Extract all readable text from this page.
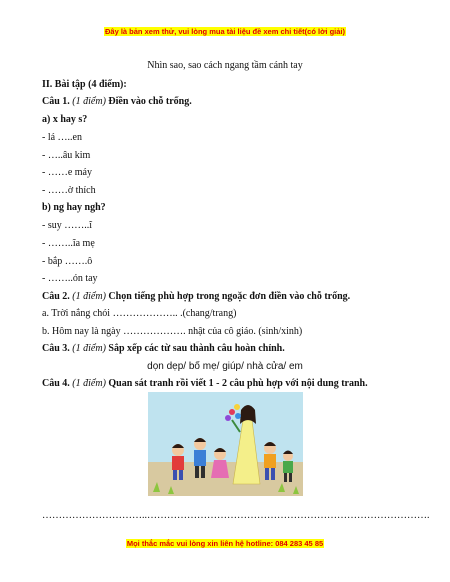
Đây là bản xem thử, vui lòng mua tài liệu đề xem chi tiết(có lời giải)
Nhìn sao, sao cách ngang tầm cánh tay
II. Bài tập (4 điểm):
Câu 1. (1 điểm) Điền vào chỗ trống.
a) x hay s?
- lá …..en
- …..âu kim
- ……e máy
- ……ờ thích
b) ng hay ngh?
- suy ……..ĩ
- ……..ĩa mẹ
- bắp …….ô
- ……..ón tay
Câu 2. (1 điểm) Chọn tiếng phù hợp trong ngoặc đơn điền vào chỗ trống.
a. Trời nắng chói ……………….. .(chang/trang)
b. Hôm nay là ngày ………………. nhật của cô giáo. (sinh/xinh)
Câu 3. (1 điểm) Sắp xếp các từ sau thành câu hoàn chỉnh.
dọn dẹp/ bố mẹ/ giúp/ nhà cửa/ em
Câu 4. (1 điểm) Quan sát tranh rồi viết 1 - 2 câu phù hợp với nội dung tranh.
…………………………..………………………………………………………………………….
Mọi thắc mắc vui lòng xin liên hệ hotline: 084 283 45 85
